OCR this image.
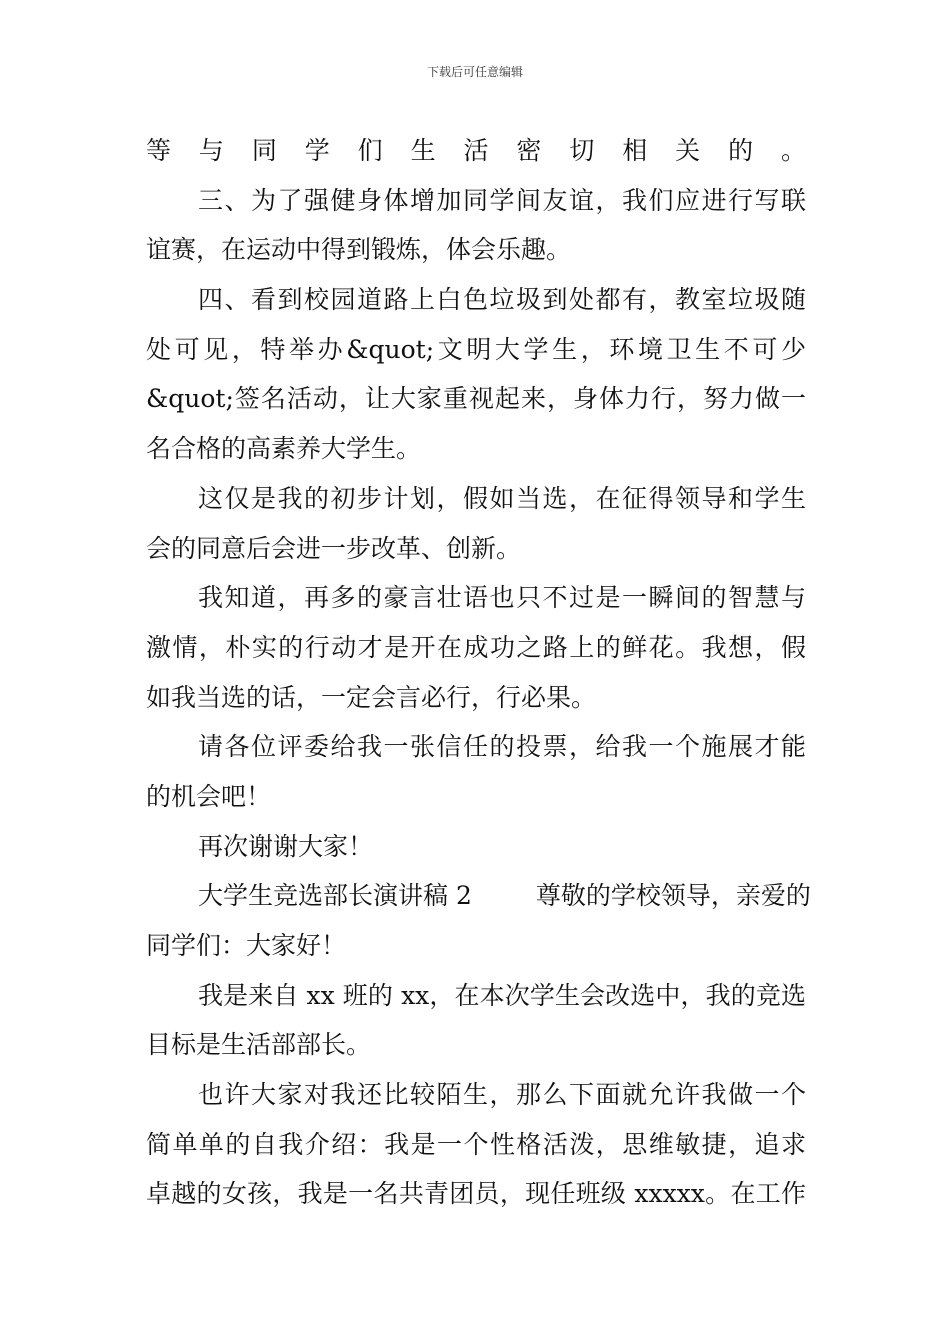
下载后可任意编辑
等与同学们生活密切相关的。
三、为了强健身体增加同学间友谊，我们应进行写联
谊赛，在运动中得到锻炼，体会乐趣。
四、看到校园道路上白色垃圾到处都有，教室垃圾随
处可见，特举办&quot;文明大学生，环境卫生不可少
&quot;签名活动，让大家重视起来，身体力行，努力做一
名合格的高素养大学生。
这仅是我的初步计划，假如当选，在征得领导和学生
会的同意后会进一步改革、创新。
我知道，再多的豪言壮语也只不过是一瞬间的智慧与
激情，朴实的行动才是开在成功之路上的鲜花。我想，假
如我当选的话，一定会言必行，行必果。
请各位评委给我一张信任的投票，给我一个施展才能
的机会吧！
再次谢谢大家！
大学生竞选部长演讲稿 2	尊敬的学校领导，亲爱的
同学们：大家好！
我是来自 xx 班的 xx，在本次学生会改选中，我的竞选
目标是生活部部长。
也许大家对我还比较陌生，那么下面就允许我做一个
简单单的自我介绍：我是一个性格活泼，思维敏捷，追求
卓越的女孩，我是一名共青团员，现任班级 xxxxx。在工作
